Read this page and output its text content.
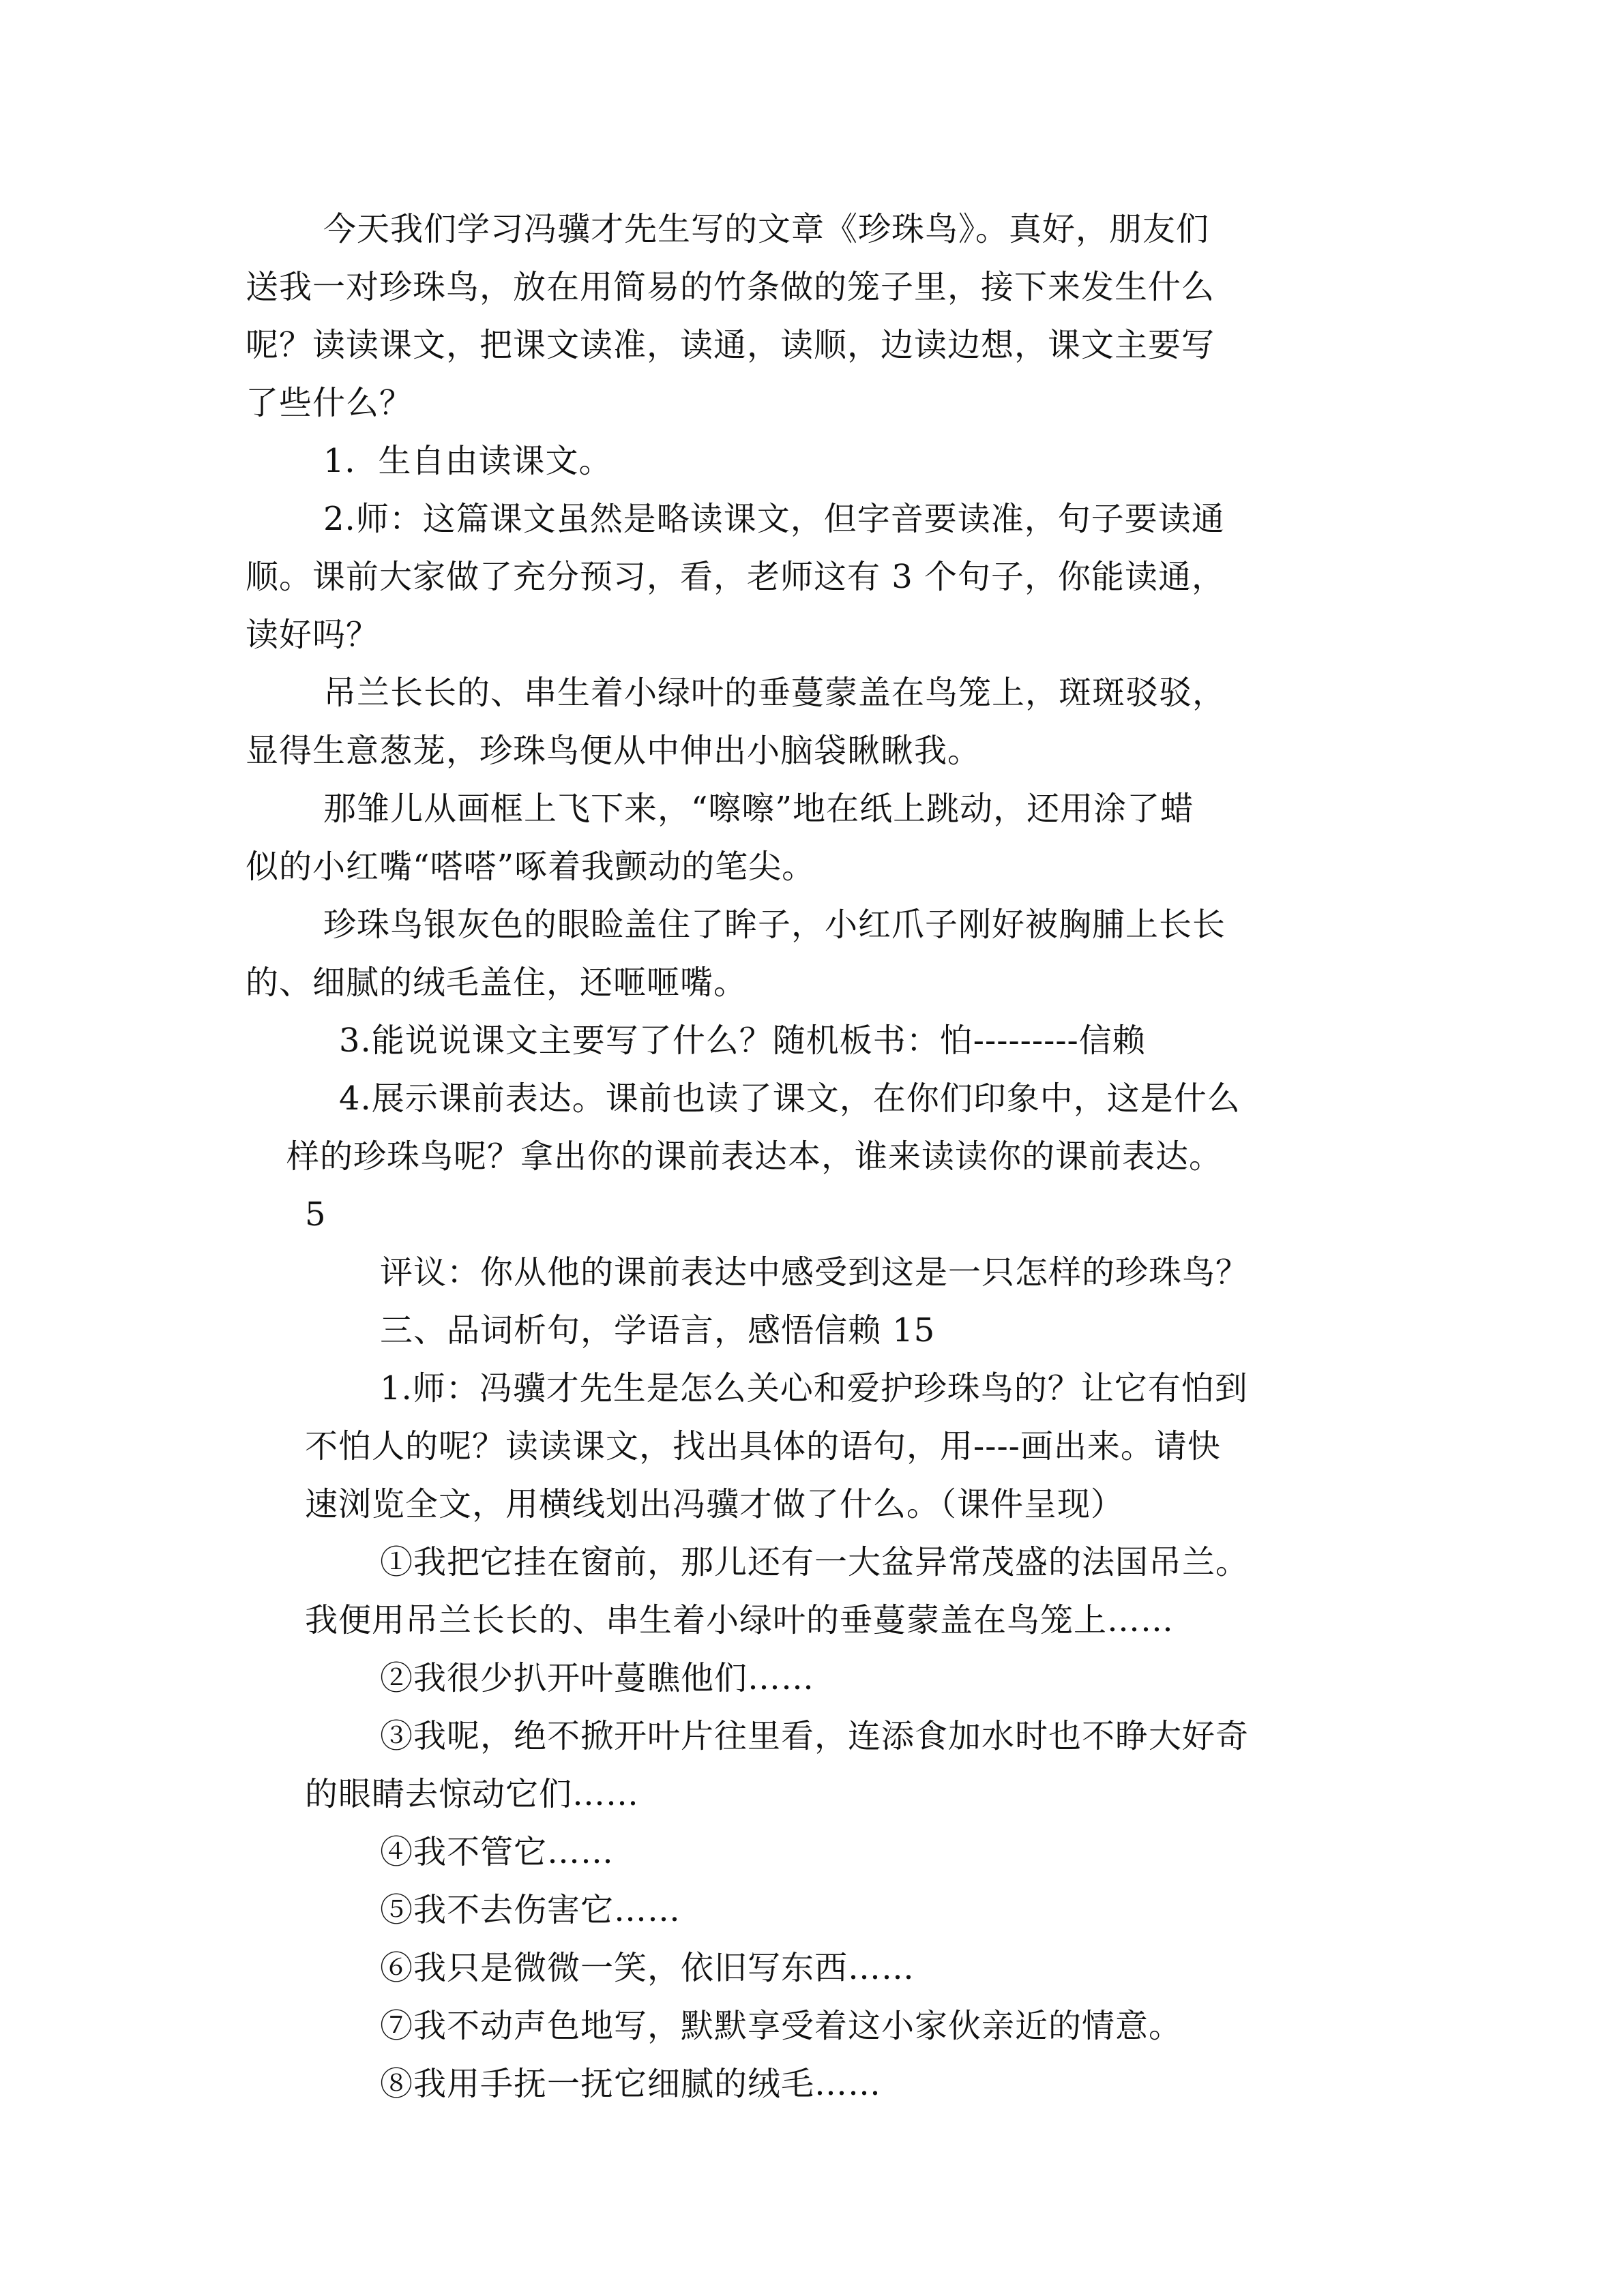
今天我们学习冯骥才先生写的文章《珍珠鸟》。真好，朋友们

送我一对珍珠鸟，放在用简易的竹条做的笼子里，接下来发生什么

呢？读读课文，把课文读准，读通，读顺，边读边想，课文主要写

了些什么？

1．生自由读课文。

2.师：这篇课文虽然是略读课文，但字音要读准，句子要读通

顺。课前大家做了充分预习，看，老师这有 3 个句子，你能读通，

读好吗？

吊兰长长的、串生着小绿叶的垂蔓蒙盖在鸟笼上，斑斑驳驳，

显得生意葱茏，珍珠鸟便从中伸出小脑袋瞅瞅我。

那雏儿从画框上飞下来，“嚓嚓”地在纸上跳动，还用涂了蜡

似的小红嘴“嗒嗒”啄着我颤动的笔尖。

珍珠鸟银灰色的眼睑盖住了眸子，小红爪子刚好被胸脯上长长

的、细腻的绒毛盖住，还咂咂嘴。

3.能说说课文主要写了什么？随机板书：怕---------信赖

4.展示课前表达。课前也读了课文，在你们印象中，这是什么

样的珍珠鸟呢？拿出你的课前表达本，谁来读读你的课前表达。

5

评议：你从他的课前表达中感受到这是一只怎样的珍珠鸟？

三、品词析句，学语言，感悟信赖 15

1.师：冯骥才先生是怎么关心和爱护珍珠鸟的？让它有怕到

不怕人的呢？读读课文，找出具体的语句，用----画出来。请快

速浏览全文，用横线划出冯骥才做了什么。（课件呈现）

①我把它挂在窗前，那儿还有一大盆异常茂盛的法国吊兰。

我便用吊兰长长的、串生着小绿叶的垂蔓蒙盖在鸟笼上……

②我很少扒开叶蔓瞧他们……

③我呢，绝不掀开叶片往里看，连添食加水时也不睁大好奇

的眼睛去惊动它们……

④我不管它……

⑤我不去伤害它……

⑥我只是微微一笑，依旧写东西……

⑦我不动声色地写，默默享受着这小家伙亲近的情意。

⑧我用手抚一抚它细腻的绒毛……
